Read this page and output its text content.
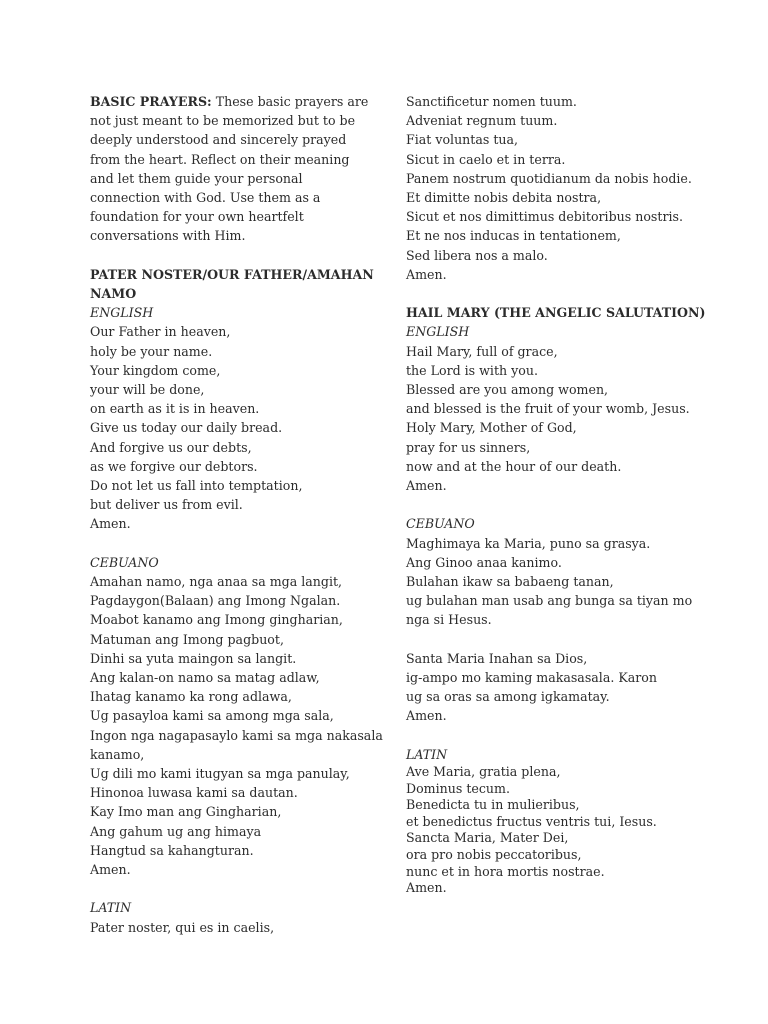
BASIC PRAYERS: These basic prayers are not just meant to be memorized but to be deeply understood and sincerely prayed from the heart. Reflect on their meaning and let them guide your personal connection with God. Use them as a foundation for your own heartfelt conversations with Him.

PATER NOSTER/OUR FATHER/AMAHAN NAMO
ENGLISH
Our Father in heaven,
holy be your name.
Your kingdom come,
your will be done,
on earth as it is in heaven.
Give us today our daily bread.
And forgive us our debts,
as we forgive our debtors.
Do not let us fall into temptation,
but deliver us from evil.
Amen.
CEBUANO
Amahan namo, nga anaa sa mga langit,
Pagdaygon(Balaan) ang Imong Ngalan.
Moabot kanamo ang Imong gingharian,
Matuman ang Imong pagbuot,
Dinhi sa yuta maingon sa langit.
Ang kalan-on namo sa matag adlaw,
Ihatag kanamo ka rong adlawa,
Ug pasayloa kami sa among mga sala,
Ingon nga nagapasaylo kami sa mga nakasala
kanamo,
Ug dili mo kami itugyan sa mga panulay,
Hinonoa luwasa kami sa dautan.
Kay Imo man ang Gingharian,
Ang gahum ug ang himaya
Hangtud sa kahangturan.
Amen.
LATIN
Pater noster, qui es in caelis,
Sanctificetur nomen tuum.
Adveniat regnum tuum.
Fiat voluntas tua,
Sicut in caelo et in terra.
Panem nostrum quotidianum da nobis hodie.
Et dimitte nobis debita nostra,
Sicut et nos dimittimus debitoribus nostris.
Et ne nos inducas in tentationem,
Sed libera nos a malo.
Amen.
HAIL MARY (THE ANGELIC SALUTATION)
ENGLISH
Hail Mary, full of grace,
the Lord is with you.
Blessed are you among women,
and blessed is the fruit of your womb, Jesus.
Holy Mary, Mother of God,
pray for us sinners,
now and at the hour of our death.
Amen.
CEBUANO
Maghimaya ka Maria, puno sa grasya.
Ang Ginoo anaa kanimo.
Bulahan ikaw sa babaeng tanan,
ug bulahan man usab ang bunga sa tiyan mo
nga si Hesus.
Santa Maria Inahan sa Dios,
ig-ampo mo kaming makasasala. Karon
ug sa oras sa among igkamatay.
Amen.
LATIN
Ave Maria, gratia plena,
Dominus tecum.
Benedicta tu in mulieribus,
et benedictus fructus ventris tui, Iesus.
Sancta Maria, Mater Dei,
ora pro nobis peccatoribus,
nunc et in hora mortis nostrae.
Amen.
